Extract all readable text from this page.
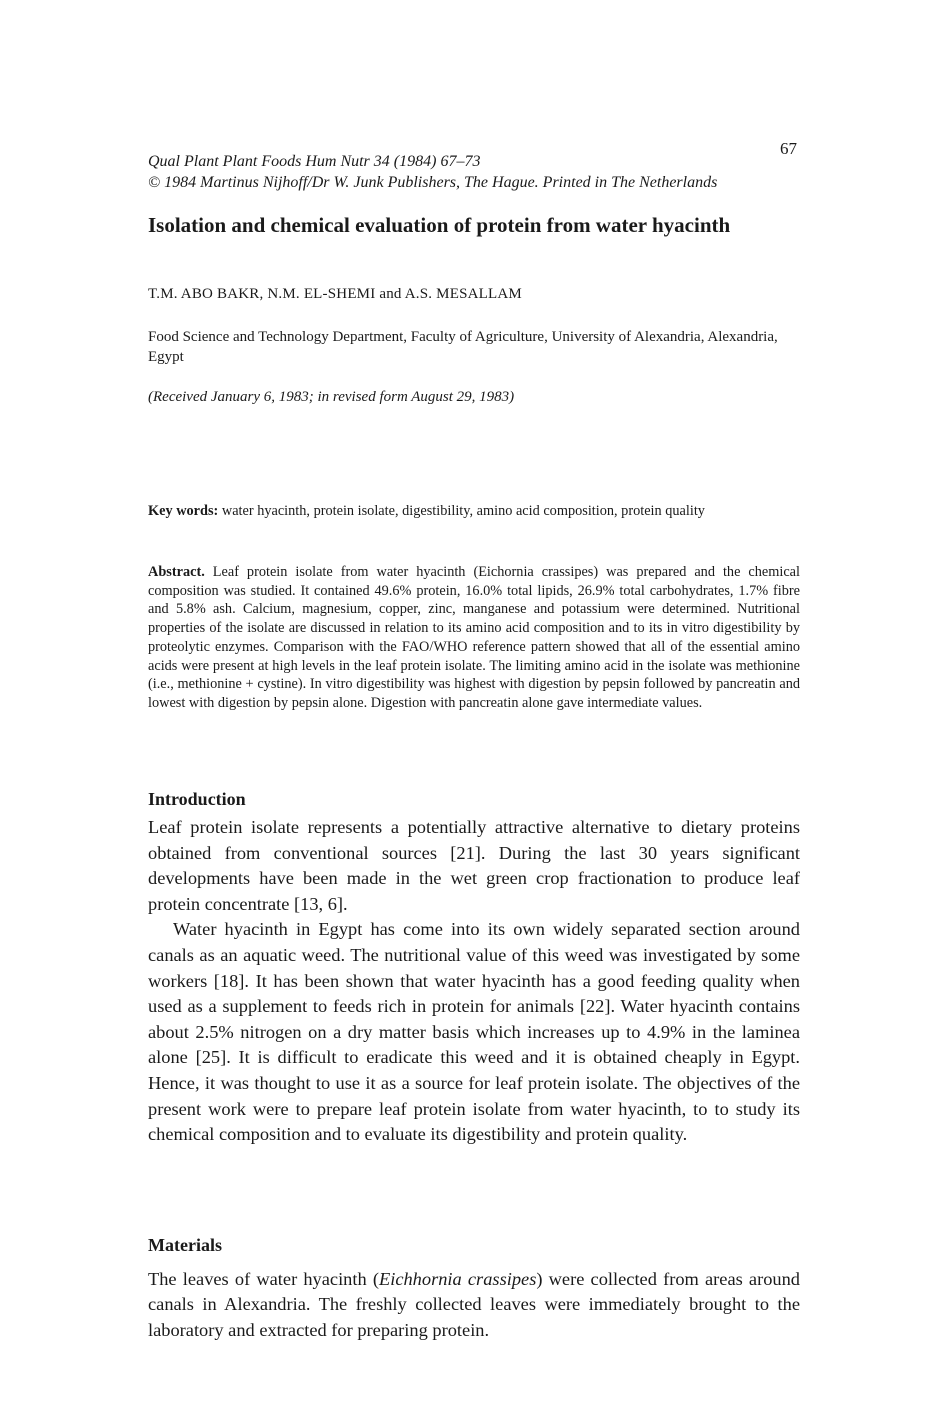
67
Qual Plant Plant Foods Hum Nutr 34 (1984) 67–73
© 1984 Martinus Nijhoff/Dr W. Junk Publishers, The Hague. Printed in The Netherlands
Isolation and chemical evaluation of protein from water hyacinth
T.M. ABO BAKR, N.M. EL-SHEMI and A.S. MESALLAM
Food Science and Technology Department, Faculty of Agriculture, University of Alexandria, Alexandria, Egypt
(Received January 6, 1983; in revised form August 29, 1983)
Key words: water hyacinth, protein isolate, digestibility, amino acid composition, protein quality
Abstract. Leaf protein isolate from water hyacinth (Eichornia crassipes) was prepared and the chemical composition was studied. It contained 49.6% protein, 16.0% total lipids, 26.9% total carbohydrates, 1.7% fibre and 5.8% ash. Calcium, magnesium, copper, zinc, manganese and potassium were determined. Nutritional properties of the isolate are discussed in relation to its amino acid composition and to its in vitro digestibility by proteolytic enzymes. Comparison with the FAO/WHO reference pattern showed that all of the essential amino acids were present at high levels in the leaf protein isolate. The limiting amino acid in the isolate was methionine (i.e., methionine + cystine). In vitro digestibility was highest with digestion by pepsin followed by pancreatin and lowest with digestion by pepsin alone. Digestion with pancreatin alone gave intermediate values.
Introduction

Leaf protein isolate represents a potentially attractive alternative to dietary proteins obtained from conventional sources [21]. During the last 30 years significant developments have been made in the wet green crop fractionation to produce leaf protein concentrate [13, 6].

Water hyacinth in Egypt has come into its own widely separated section around canals as an aquatic weed. The nutritional value of this weed was investigated by some workers [18]. It has been shown that water hyacinth has a good feeding quality when used as a supplement to feeds rich in protein for animals [22]. Water hyacinth contains about 2.5% nitrogen on a dry matter basis which increases up to 4.9% in the laminea alone [25]. It is difficult to eradicate this weed and it is obtained cheaply in Egypt. Hence, it was thought to use it as a source for leaf protein isolate. The objectives of the present work were to prepare leaf protein isolate from water hyacinth, to to study its chemical composition and to evaluate its digestibility and protein quality.

Materials

The leaves of water hyacinth (Eichhornia crassipes) were collected from areas around canals in Alexandria. The freshly collected leaves were immediately brought to the laboratory and extracted for preparing protein.
